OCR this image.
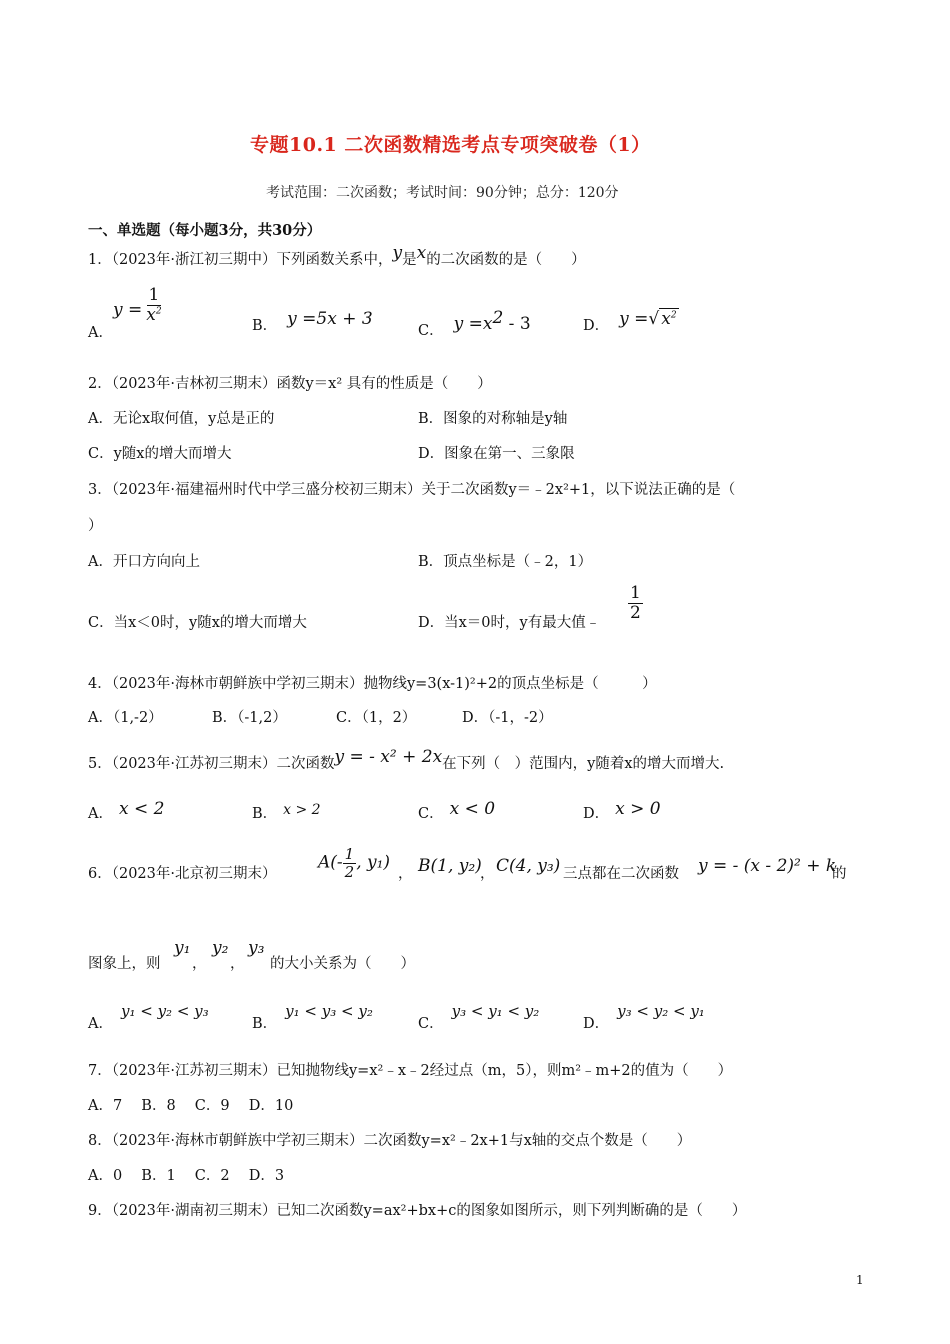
专题10.1 二次函数精选考点专项突破卷（1）
考试范围：二次函数；考试时间：90分钟；总分：120分
一、单选题（每小题3分，共30分）
1．（2023年·浙江初三期中）下列函数关系中，y是x的二次函数的是（　　）
A．$y = \frac{1}{x^2}$
B． y =5x + 3
C． $y =x^2 - 3$	D． y =√ $x^2$
2．（2023年·吉林初三期末）函数y＝x² 具有的性质是（　　）
A．无论x取何值，y总是正的	B．图象的对称轴是y轴
C．y随x的增大而增大	D．图象在第一、三象限
3．（2023年·福建福州时代中学三盛分校初三期末）关于二次函数y＝﹣2x²+1，以下说法正确的是（
）
A．开口方向向上	B．顶点坐标是（﹣2，1）
C．当x＜0时，y随x的增大而增大	D．当x＝0时，y有最大值﹣
$\frac{1}{2}$
4．（2023年·海林市朝鲜族中学初三期末）抛物线y=3(x-1)²+2的顶点坐标是（　　　）
A．（1,-2）	B．（-1,2）	C．（1，2）	D．（-1，-2）
5．（2023年·江苏初三期末）二次函数y = - x² + 2x在下列（　）范围内，y随着x的增大而增大.
A． x < 2	B． x > 2	C． x < 0	D． x > 0
6．（2023年·北京初三期末）
$A(- \frac{1}{2}$ , y₁)
， B(1, y₂)
， C(4, y₃) 三点都在二次函数 y = - (x - 2)² + k
的
图象上，则
y₁
，
y₂
，
y₃
的大小关系为（　　）
A．y₁ < y₂ < y₃
B．y₁ < y₃ < y₂
C．y₃ < y₁ < y₂
D．y₃ < y₂ < y₁
7．（2023年·江苏初三期末）已知抛物线y=x²﹣x﹣2经过点（m，5），则m²﹣m+2的值为（　　）
A．7　 B．8　 C．9　 D．10
8．（2023年·海林市朝鲜族中学初三期末）二次函数y=x²﹣2x+1与x轴的交点个数是（　　）
A．0　 B．1　 C．2　 D．3
9．（2023年·湖南初三期末）已知二次函数y=ax²+bx+c的图象如图所示，则下列判断确的是（　　）
1
